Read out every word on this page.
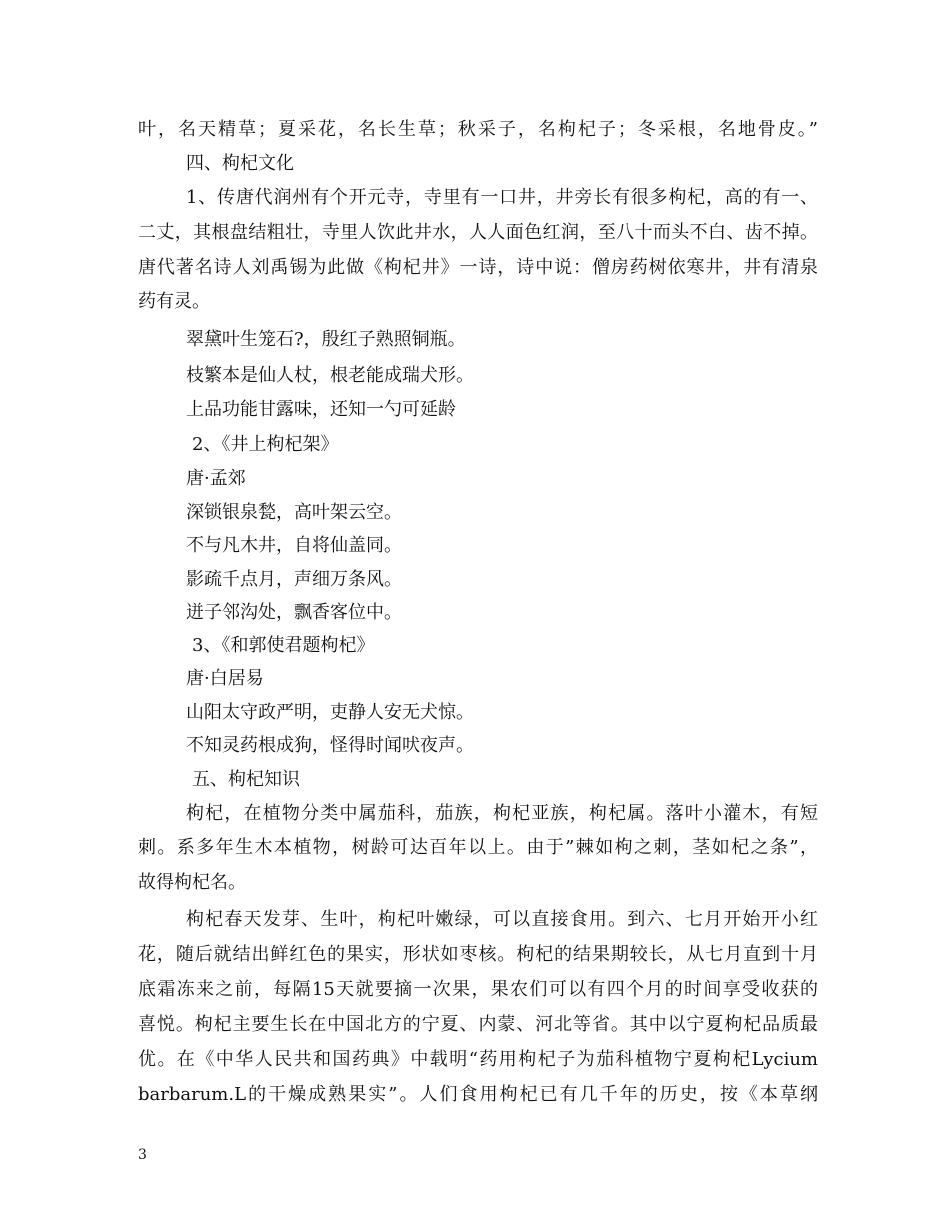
叶，名天精草；夏采花，名长生草；秋采子，名枸杞子；冬采根，名地骨皮。”
四、枸杞文化
1、传唐代润州有个开元寺，寺里有一口井，井旁长有很多枸杞，高的有一、
二丈，其根盘结粗壮，寺里人饮此井水，人人面色红润，至八十而头不白、齿不掉。
唐代著名诗人刘禹锡为此做《枸杞井》一诗，诗中说：僧房药树依寒井，井有清泉
药有灵。
翠黛叶生笼石?，殷红子熟照铜瓶。
枝繁本是仙人杖，根老能成瑞犬形。
上品功能甘露味，还知一勺可延龄
2、《井上枸杞架》
唐·孟郊
深锁银泉甃，高叶架云空。
不与凡木井，自将仙盖同。
影疏千点月，声细万条风。
迸子邻沟处，飘香客位中。
3、《和郭使君题枸杞》
唐·白居易
山阳太守政严明，吏静人安无犬惊。
不知灵药根成狗，怪得时闻吠夜声。
五、枸杞知识
枸杞，在植物分类中属茄科，茄族，枸杞亚族，枸杞属。落叶小灌木，有短
刺。系多年生木本植物，树龄可达百年以上。由于”棘如枸之刺，茎如杞之条”，
故得枸杞名。
枸杞春天发芽、生叶，枸杞叶嫩绿，可以直接食用。到六、七月开始开小红
花，随后就结出鲜红色的果实，形状如枣核。枸杞的结果期较长，从七月直到十月
底霜冻来之前，每隔15天就要摘一次果，果农们可以有四个月的时间享受收获的
喜悦。枸杞主要生长在中国北方的宁夏、内蒙、河北等省。其中以宁夏枸杞品质最
优。在《中华人民共和国药典》中载明“药用枸杞子为茄科植物宁夏枸杞Lycium
barbarum.L的干燥成熟果实”。人们食用枸杞已有几千年的历史，按《本草纲
3
